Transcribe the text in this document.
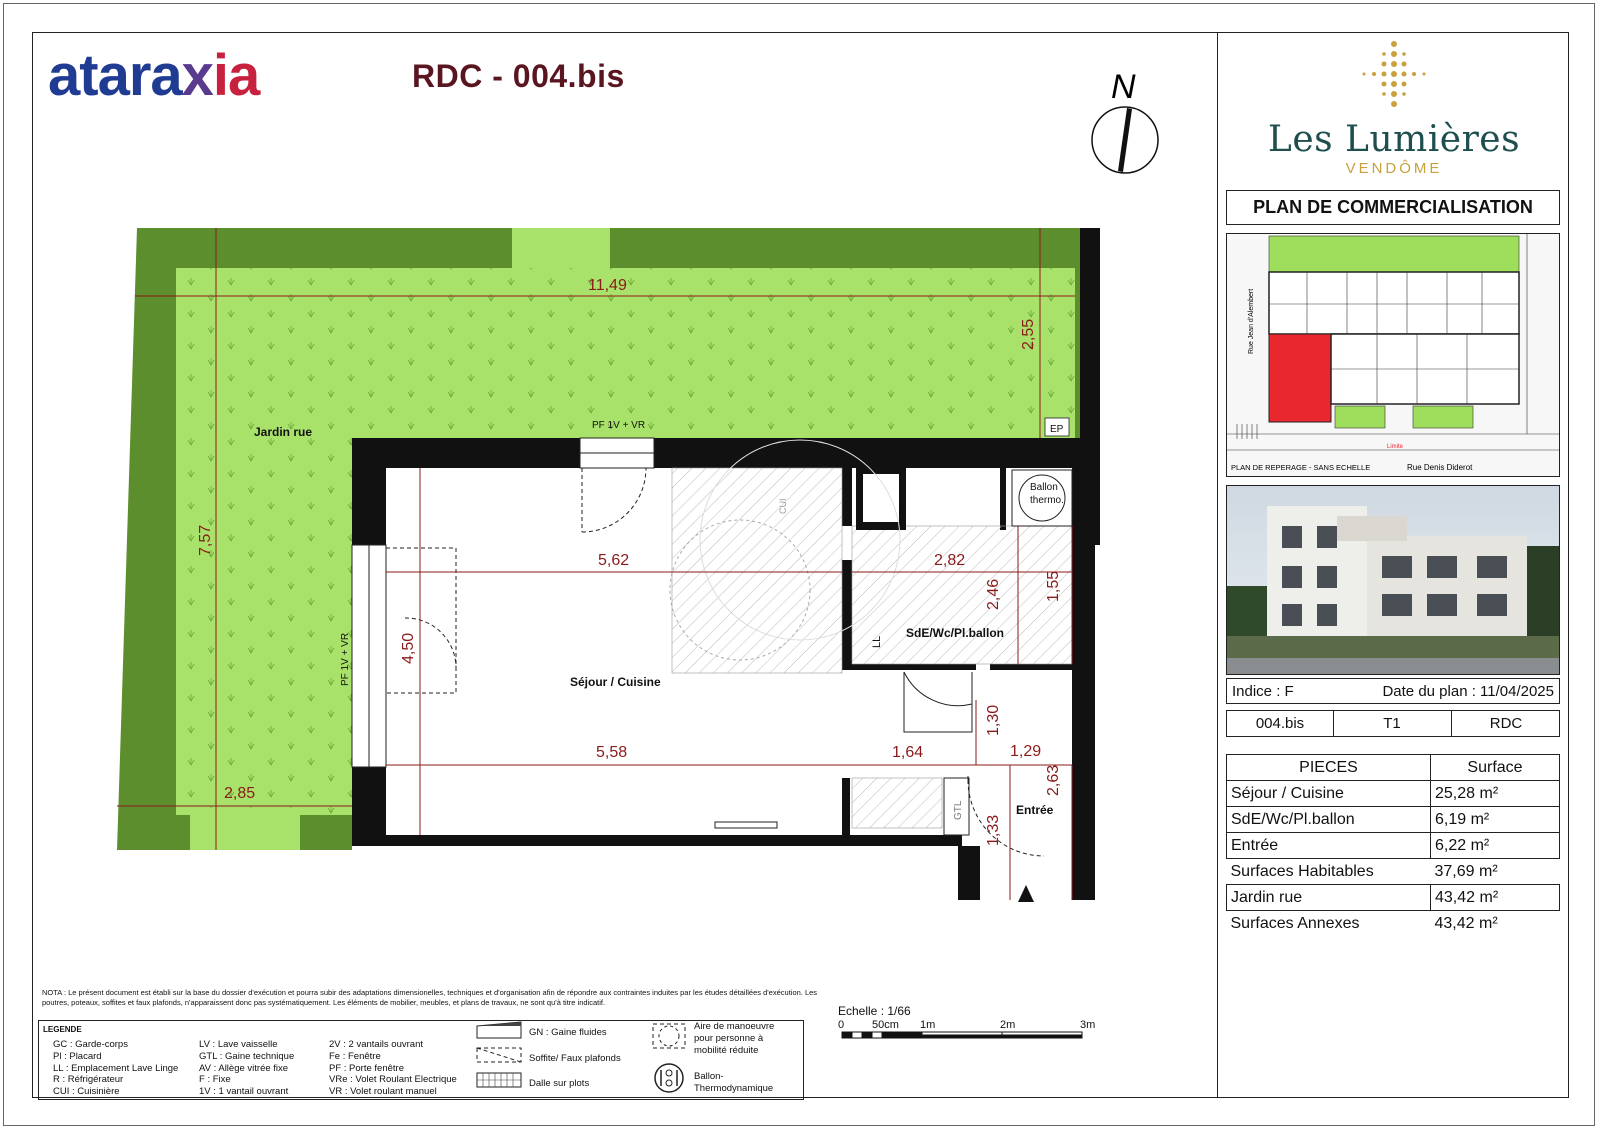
ataraxia	RDC - 004.bis	N
Les Lumières
VENDÔME
PLAN DE COMMERCIALISATION
PLAN DE REPERAGE - SANS ECHELLE	Rue Denis Diderot
Rue Jean d'Alembert
Limite
Indice : F	Date du plan : 11/04/2025
004.bis	T1	RDC
PIECES	Surface
Séjour / Cuisine	25,28 m²
SdE/Wc/Pl.ballon	6,19 m²
Entrée	6,22 m²
Surfaces Habitables	37,69 m²
Jardin rue	43,42 m²
Surfaces Annexes	43,42 m²
11,49
2,55
7,57
2,85
5,62
4,50
5,58
2,82
2,46	1,55
1,64
1,30
1,29
2,63
1,33
Jardin rue
Séjour / Cuisine
SdE/Wc/Pl.ballon
Entrée
Ballon
thermo.
PF 1V + VR
PF 1V + VR
EP
CUI
LL
GTL
NOTA : Le présent document est établi sur la base du dossier d'exécution et pourra subir des adaptations dimensionelles, techniques et d'organisation afin de répondre aux contraintes induites par les études détaillées d'exécution. Les poutres, poteaux, soffites et faux plafonds, n'apparaissent donc pas systématiquement. Les éléments de mobilier, meubles, et plans de travaux, ne sont qu'à titre indicatif.
LEGENDE
GC : Garde-corps
Pl : Placard
LL : Emplacement Lave Linge
R : Réfrigérateur
CUI : Cuisinière
LV : Lave vaisselle
GTL : Gaine technique
AV : Allège vitrée fixe
F : Fixe
1V : 1 vantail ouvrant
2V : 2 vantails ouvrant
Fe : Fenêtre
PF : Porte fenêtre
VRe : Volet Roulant Electrique
VR : Volet roulant manuel
GN : Gaine fluides
Soffite/ Faux plafonds
Dalle sur plots
Aire de manoeuvre
pour personne à
mobilité réduite
Ballon-
Thermodynamique
Echelle : 1/66
0	50cm 1m	2m	3m
